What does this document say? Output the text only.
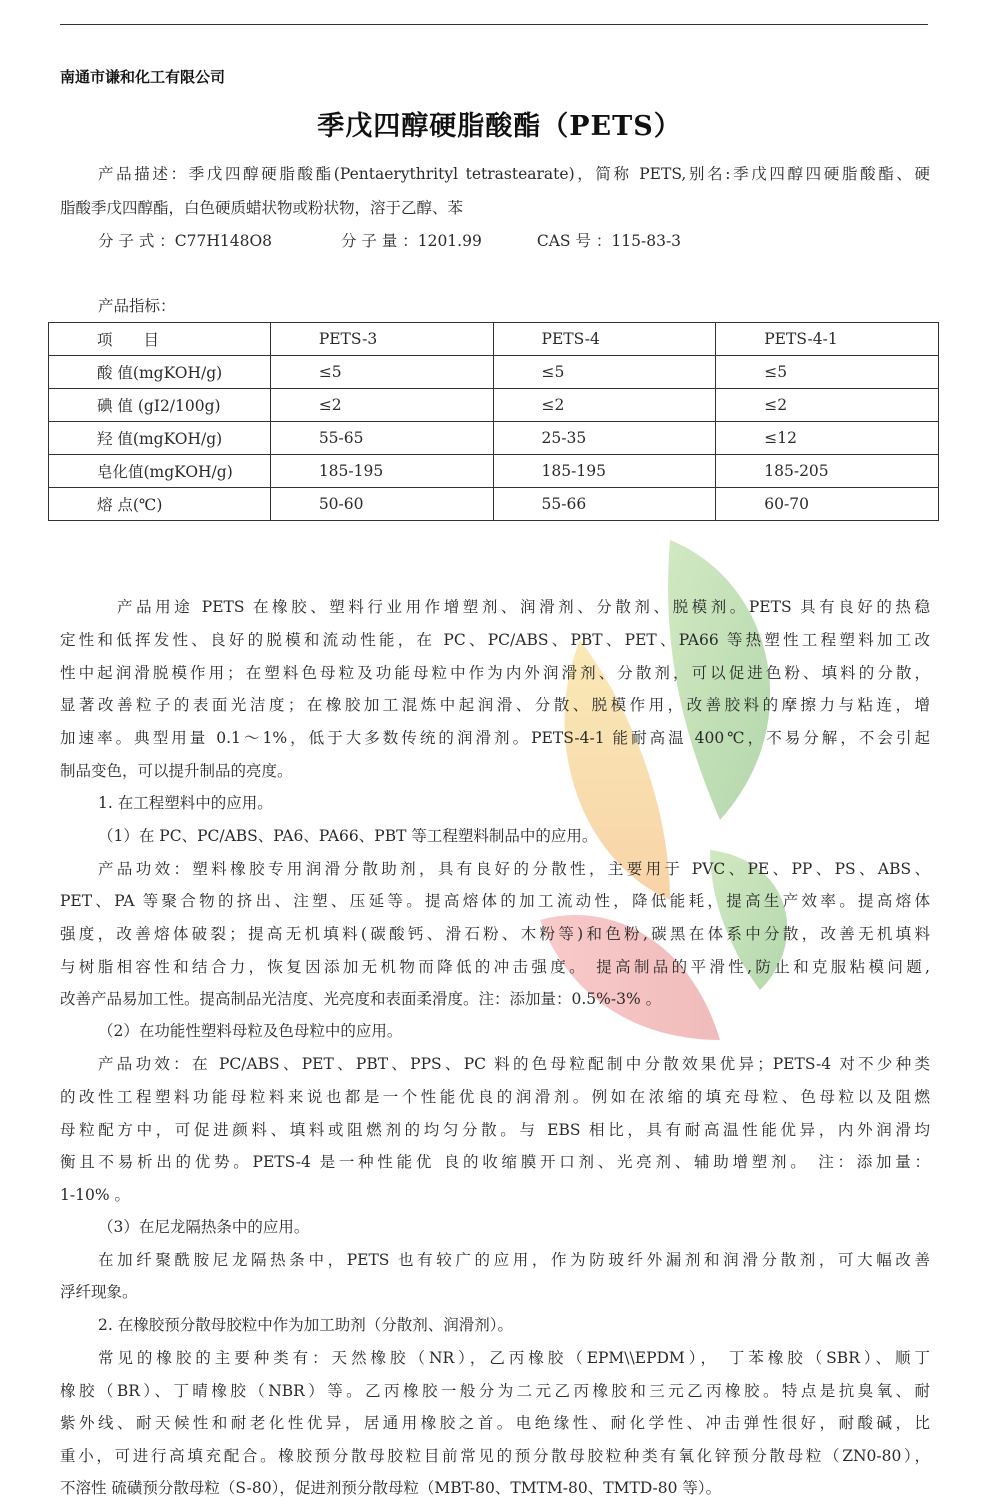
南通市谦和化工有限公司
季戊四醇硬脂酸酯（PETS）
产品描述：季戊四醇硬脂酸酯(Pentaerythrityl tetrastearate)，简称 PETS,别名:季戊四醇四硬脂酸酯、硬
脂酸季戊四醇酯，白色硬质蜡状物或粉状物，溶于乙醇、苯
分 子 式 ：C77H148O8	分 子 量 ：1201.99	CAS 号 ：115-83-3
产品指标：
项　　目	PETS-3	PETS-4	PETS-4-1
酸 值(mgKOH/g)	≤5	≤5	≤5
碘 值 (gI2/100g)	≤2	≤2	≤2
羟 值(mgKOH/g)	55-65	25-35	≤12
皂化值(mgKOH/g)	185-195	185-195	185-205
熔 点(℃)	50-60	55-66	60-70
产品用途 PETS 在橡胶、塑料行业用作增塑剂、润滑剂、分散剂、脱模剂。PETS 具有良好的热稳
定性和低挥发性、良好的脱模和流动性能，在 PC、PC/ABS、PBT、PET、PA66 等热塑性工程塑料加工改
性中起润滑脱模作用；在塑料色母粒及功能母粒中作为内外润滑剂、分散剂，可以促进色粉、填料的分散，
显著改善粒子的表面光洁度；在橡胶加工混炼中起润滑、分散、脱模作用，改善胶料的摩擦力与粘连，增
加速率。典型用量 0.1～1%，低于大多数传统的润滑剂。PETS-4-1 能耐高温 400℃，不易分解，不会引起
制品变色，可以提升制品的亮度。
1. 在工程塑料中的应用。
（1）在 PC、PC/ABS、PA6、PA66、PBT 等工程塑料制品中的应用。
产品功效：塑料橡胶专用润滑分散助剂，具有良好的分散性，主要用于 PVC、PE、PP、PS、ABS、
PET、PA 等聚合物的挤出、注塑、压延等。提高熔体的加工流动性，降低能耗，提高生产效率。提高熔体
强度，改善熔体破裂；提高无机填料(碳酸钙、滑石粉、木粉等)和色粉,碳黑在体系中分散，改善无机填料
与树脂相容性和结合力，恢复因添加无机物而降低的冲击强度。 提高制品的平滑性,防止和克服粘模问题,
改善产品易加工性。提高制品光洁度、光亮度和表面柔滑度。注：添加量：0.5%-3% 。
（2）在功能性塑料母粒及色母粒中的应用。
产品功效：在 PC/ABS、PET、PBT、PPS、PC 料的色母粒配制中分散效果优异；PETS-4 对不少种类
的改性工程塑料功能母粒料来说也都是一个性能优良的润滑剂。例如在浓缩的填充母粒、色母粒以及阻燃
母粒配方中，可促进颜料、填料或阻燃剂的均匀分散。与 EBS 相比，具有耐高温性能优异，内外润滑均
衡且不易析出的优势。PETS-4 是一种性能优 良的收缩膜开口剂、光亮剂、辅助增塑剂。 注：添加量：
1-10% 。
（3）在尼龙隔热条中的应用。
在加纤聚酰胺尼龙隔热条中，PETS 也有较广的应用，作为防玻纤外漏剂和润滑分散剂，可大幅改善
浮纤现象。
2. 在橡胶预分散母胶粒中作为加工助剂（分散剂、润滑剂）。
常见的橡胶的主要种类有：天然橡胶（NR），乙丙橡胶（EPM\\EPDM）， 丁苯橡胶（SBR）、顺丁
橡胶（BR）、丁晴橡胶（NBR）等。乙丙橡胶一般分为二元乙丙橡胶和三元乙丙橡胶。特点是抗臭氧、耐
紫外线、耐天候性和耐老化性优异，居通用橡胶之首。电绝缘性、耐化学性、冲击弹性很好，耐酸碱，比
重小，可进行高填充配合。橡胶预分散母胶粒目前常见的预分散母胶粒种类有氧化锌预分散母粒（ZN0-80），
不溶性 硫磺预分散母粒（S-80），促进剂预分散母粒（MBT-80、TMTM-80、TMTD-80 等）。
